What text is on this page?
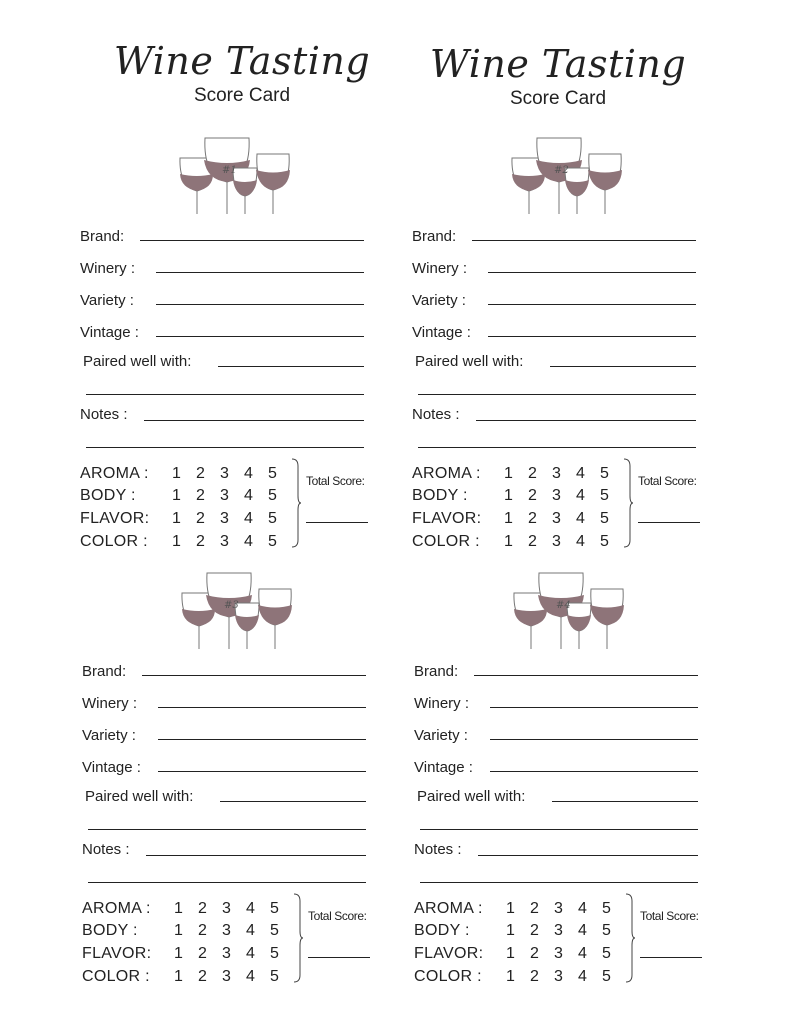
Wine Tasting
Score Card
Wine Tasting
Score Card
#1
Brand:
Winery :
Variety :
Vintage :
Paired well with:
Notes :
AROMA : 1 2 3 4 5
BODY : 1 2 3 4 5
FLAVOR: 1 2 3 4 5
COLOR : 1 2 3 4 5
Total Score:
#2
Brand:
Winery :
Variety :
Vintage :
Paired well with:
Notes :
AROMA : 1 2 3 4 5
BODY : 1 2 3 4 5
FLAVOR: 1 2 3 4 5
COLOR : 1 2 3 4 5
Total Score:
#3
Brand:
Winery :
Variety :
Vintage :
Paired well with:
Notes :
AROMA : 1 2 3 4 5
BODY : 1 2 3 4 5
FLAVOR: 1 2 3 4 5
COLOR : 1 2 3 4 5
Total Score:
#4
Brand:
Winery :
Variety :
Vintage :
Paired well with:
Notes :
AROMA : 1 2 3 4 5
BODY : 1 2 3 4 5
FLAVOR: 1 2 3 4 5
COLOR : 1 2 3 4 5
Total Score:
